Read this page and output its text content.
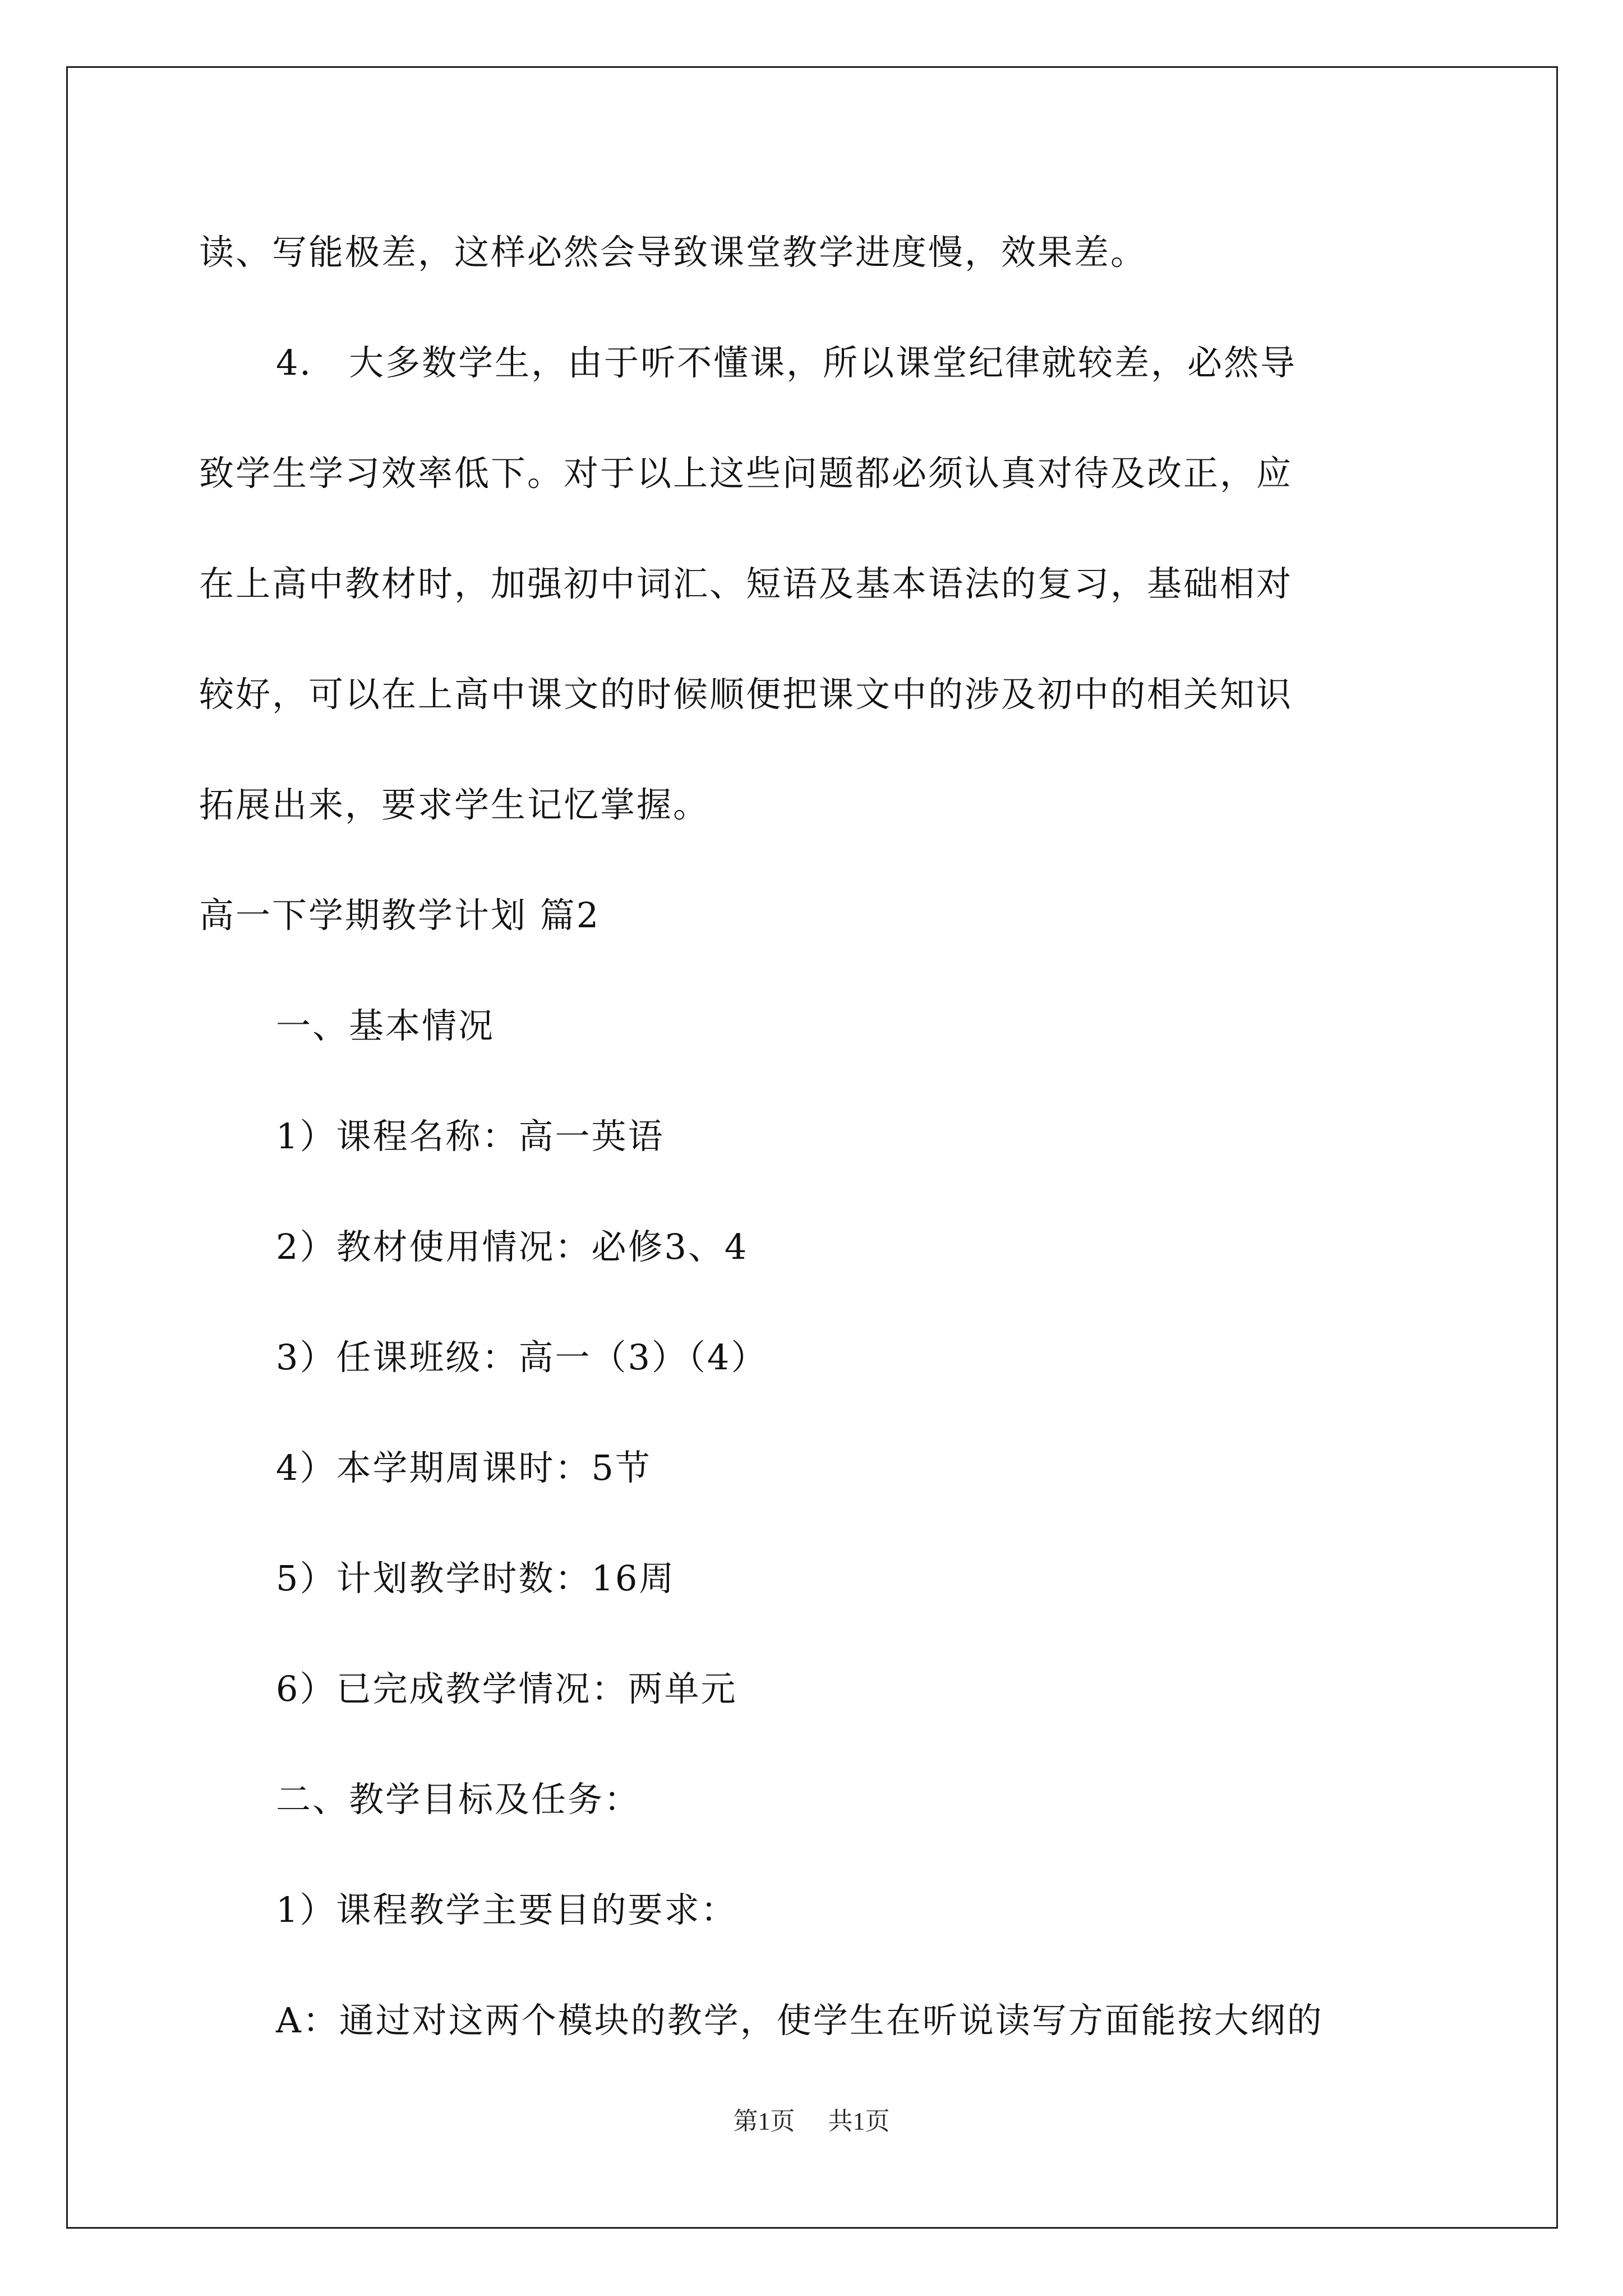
读、写能极差，这样必然会导致课堂教学进度慢，效果差。
4． 大多数学生，由于听不懂课，所以课堂纪律就较差，必然导
致学生学习效率低下。对于以上这些问题都必须认真对待及改正，应
在上高中教材时，加强初中词汇、短语及基本语法的复习，基础相对
较好，可以在上高中课文的时候顺便把课文中的涉及初中的相关知识
拓展出来，要求学生记忆掌握。
高一下学期教学计划 篇2
一、基本情况
1）课程名称：高一英语
2）教材使用情况：必修3、4
3）任课班级：高一（3）（4）
4）本学期周课时：5节
5）计划教学时数：16周
6）已完成教学情况：两单元
二、教学目标及任务：
1）课程教学主要目的要求：
A：通过对这两个模块的教学，使学生在听说读写方面能按大纲的
第1页 共1页
